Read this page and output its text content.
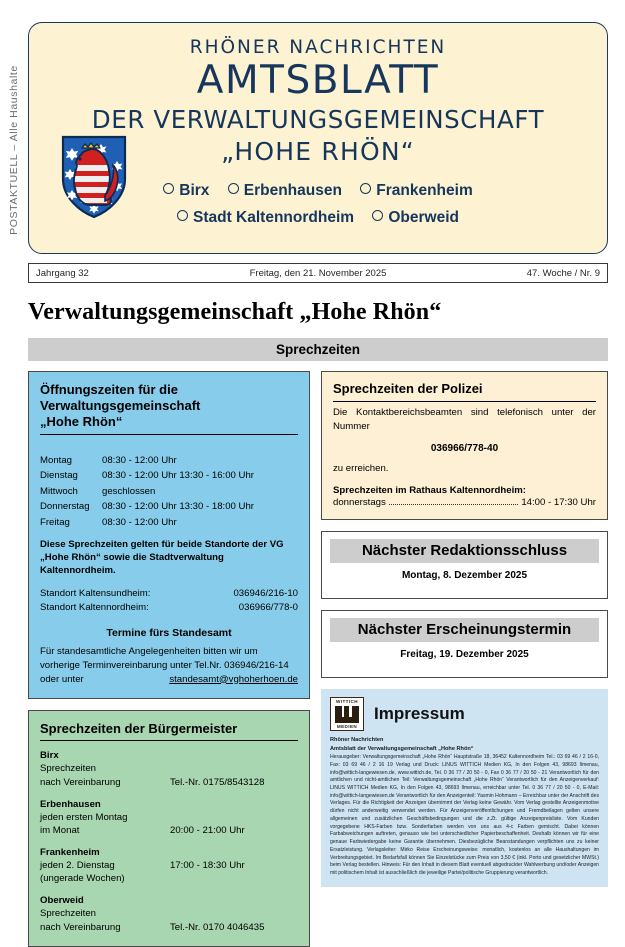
POSTAKTUELL – Alle Haushalte
RHÖNER NACHRICHTEN
AMTSBLATT
DER VERWALTUNGSGEMEINSCHAFT
„HOHE RHÖN“
Birx Erbenhausen Frankenheim
Stadt Kaltennordheim Oberweid
Jahrgang 32	Freitag, den 21. November 2025	47. Woche / Nr. 9
Verwaltungsgemeinschaft „Hohe Rhön“
Sprechzeiten
Öffnungszeiten für die
Verwaltungsgemeinschaft
„Hohe Rhön“
Montag	08:30 - 12:00 Uhr
Dienstag	08:30 - 12:00 Uhr 13:30 - 16:00 Uhr
Mittwoch	geschlossen
Donnerstag	08:30 - 12:00 Uhr 13:30 - 18:00 Uhr
Freitag	08:30 - 12:00 Uhr
Diese Sprechzeiten gelten für beide Standorte der VG „Hohe Rhön“ sowie die Stadtverwaltung Kaltennordheim.
Standort Kaltensundheim:	036946/216-10
Standort Kaltennordheim:	036966/778-0
Termine fürs Standesamt
Für standesamtliche Angelegenheiten bitten wir um
vorherige Terminvereinbarung unter Tel.Nr. 036946/216-14
oder unter	standesamt@vghoherhoen.de
Sprechzeiten der Bürgermeister
Birx
Sprechzeiten
nach Vereinbarung	Tel.-Nr. 0175/8543128
Erbenhausen
jeden ersten Montag
im Monat	20:00 - 21:00 Uhr
Frankenheim
jeden 2. Dienstag	17:00 - 18:30 Uhr
(ungerade Wochen)
Oberweid
Sprechzeiten
nach Vereinbarung	Tel.-Nr. 0170 4046435
Sprechzeiten der Polizei
Die Kontaktbereichsbeamten sind telefonisch unter der Nummer
036966/778-40
zu erreichen.
Sprechzeiten im Rathaus Kaltennordheim:
donnerstags	14:00 - 17:30 Uhr
Nächster Redaktionsschluss
Montag, 8. Dezember 2025
Nächster Erscheinungstermin
Freitag, 19. Dezember 2025
WITTICH
MEDIEN
Impressum
Rhöner Nachrichten
Amtsblatt der Verwaltungsgemeinschaft „Hohe Rhön“
Herausgeber: Verwaltungsgemeinschaft „Hohe Rhön“ Hauptstraße 18, 36452 Kaltennordheim Tel.: 03 69 46 / 2 16-0, Fax: 03 69 46 / 2 16 19 Verlag und Druck: LINUS WITTICH Medien KG, In den Folgen 43, 98693 Ilmenau, info@wittich-langewiesen.de, www.wittich.de, Tel. 0 36 77 / 20 50 - 0, Fax 0 36 77 / 20 50 - 21 Verantwortlich für den amtlichen und nicht-amtlichen Teil: Verwaltungsgemeinschaft „Hohe Rhön“ Verantwortlich für den Anzeigenverkauf: LINUS WITTICH Medien KG, In den Folgen 43, 98693 Ilmenau, erreichbar unter Tel. 0 36 77 / 20 50 - 0, E-Mail: info@wittich-langewiesen.de Verantwortlich für den Anzeigenteil: Yasmin Hohmann – Erreichbar unter der Anschrift des Verlages. Für die Richtigkeit der Anzeigen übernimmt der Verlag keine Gewähr. Vom Verlag gestellte Anzeigenmotive dürfen nicht anderweitig verwendet werden. Für Anzeigenveröffentlichungen und Fremdbeilagen gelten unsere allgemeinen und zusätzlichen Geschäftsbedingungen und die z.Zt. gültige Anzeigenpreisliste. Vom Kunden vorgegebene HKS-Farben bzw. Sonderfarben werden von uns aus 4-c Farben gemischt. Dabei können Farbabweichungen auftreten, genauso wie bei unterschiedlicher Papierbeschaffenheit. Deshalb können wir für eine genaue Farbwiedergabe keine Garantie übernehmen. Diesbezügliche Beanstandungen verpflichten uns zu keiner Ersatzleistung. Verlagsleiter: Mirko Reise Erscheinungsweise: monatlich, kostenlos an alle Haushaltungen im Verbreitungsgebiet. Im Bedarfsfall können Sie Einzelstücke zum Preis von 3,50 € (inkl. Porto und gesetzlicher MWSt.) beim Verlag bestellen. Hinweis: Für den Inhalt in diesem Blatt eventuell abgedruckter Wahlwerbung und/oder Anzeigen mit politischem Inhalt ist ausschließlich die jeweilige Partei/politische Gruppierung verantwortlich.
